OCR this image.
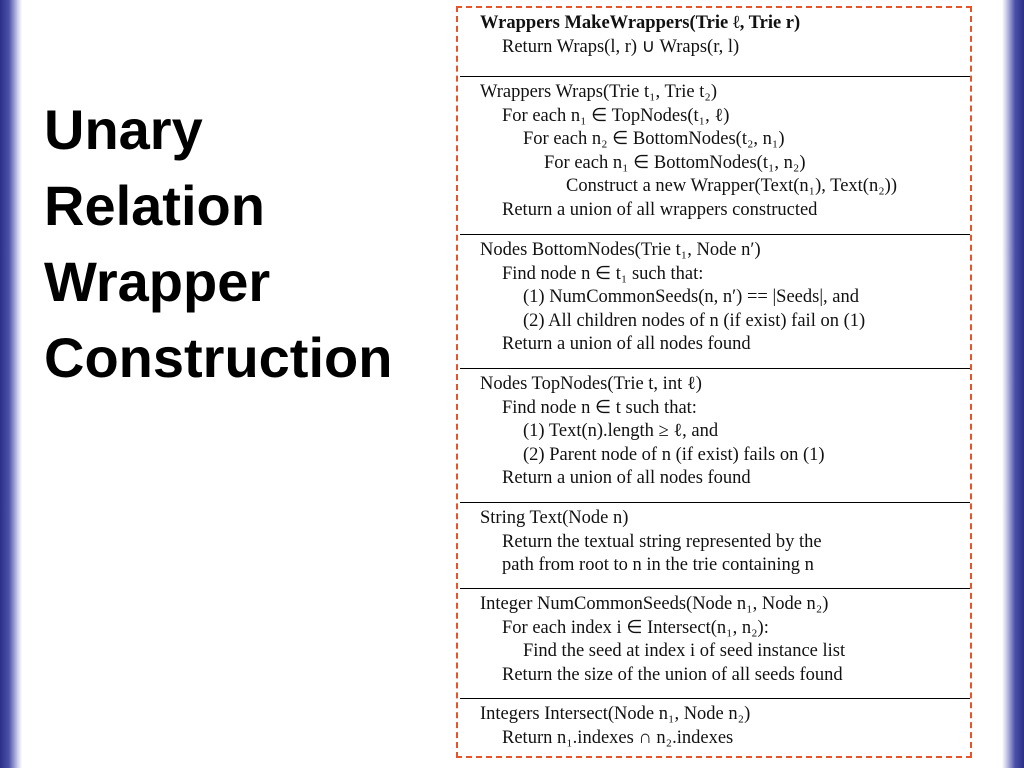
Unary
Relation
Wrapper
Construction
Wrappers MakeWrappers(Trie ℓ, Trie r)
Return Wraps(l, r) ∪ Wraps(r, l)
Wrappers Wraps(Trie t₁, Trie t₂)
For each n₁ ∈ TopNodes(t₁, ℓ)
For each n₂ ∈ BottomNodes(t₂, n₁)
For each n₁ ∈ BottomNodes(t₁, n₂)
Construct a new Wrapper(Text(n₁), Text(n₂))
Return a union of all wrappers constructed
Nodes BottomNodes(Trie t₁, Node n′)
Find node n ∈ t₁ such that:
(1) NumCommonSeeds(n, n′) == |Seeds|, and
(2) All children nodes of n (if exist) fail on (1)
Return a union of all nodes found
Nodes TopNodes(Trie t, int ℓ)
Find node n ∈ t such that:
(1) Text(n).length ≥ ℓ, and
(2) Parent node of n (if exist) fails on (1)
Return a union of all nodes found
String Text(Node n)
Return the textual string represented by the
path from root to n in the trie containing n
Integer NumCommonSeeds(Node n₁, Node n₂)
For each index i ∈ Intersect(n₁, n₂):
Find the seed at index i of seed instance list
Return the size of the union of all seeds found
Integers Intersect(Node n₁, Node n₂)
Return n₁.indexes ∩ n₂.indexes
